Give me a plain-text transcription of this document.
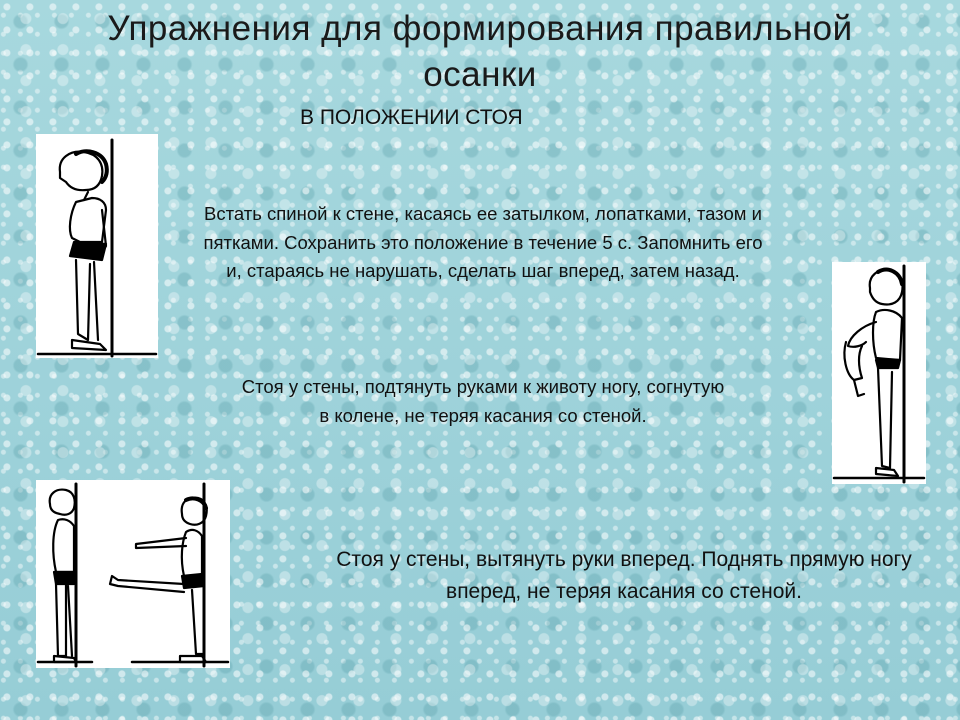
Упражнения для формирования правильной осанки
В ПОЛОЖЕНИИ СТОЯ
Встать спиной к стене, касаясь ее затылком, лопатками, тазом и пятками. Сохранить это положение в течение 5 с. Запомнить его и, стараясь не нарушать, сделать шаг вперед, затем назад.
Стоя у стены, подтянуть руками к животу ногу, согнутую в колене, не теряя касания со стеной.
Стоя у стены, вытянуть руки вперед. Поднять прямую ногу вперед, не теряя касания со стеной.
